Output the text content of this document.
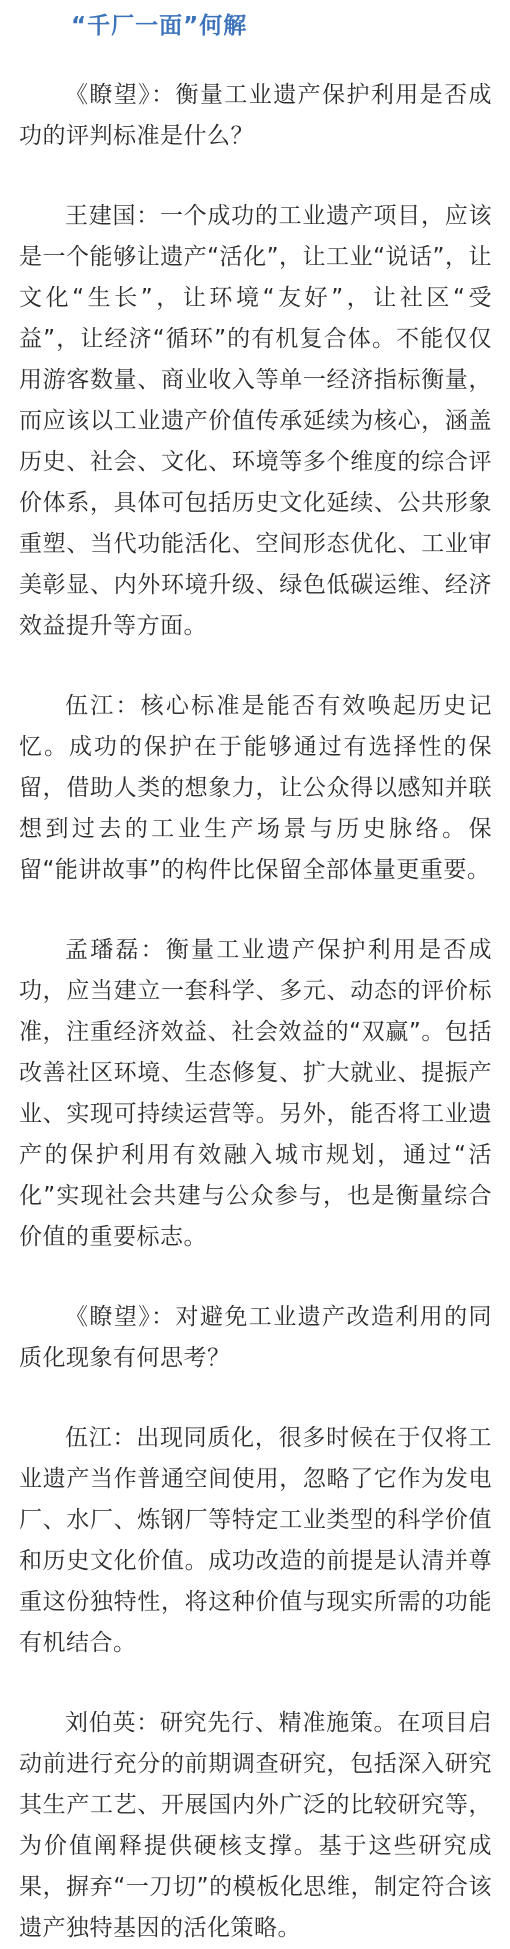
“千厂一面”何解

《瞭望》：衡量工业遗产保护利用是否成功的评判标准是什么？

王建国：一个成功的工业遗产项目，应该是一个能够让遗产“活化”，让工业“说话”，让文化“生长”，让环境“友好”，让社区“受益”，让经济“循环”的有机复合体。不能仅仅用游客数量、商业收入等单一经济指标衡量，而应该以工业遗产价值传承延续为核心，涵盖历史、社会、文化、环境等多个维度的综合评价体系，具体可包括历史文化延续、公共形象重塑、当代功能活化、空间形态优化、工业审美彰显、内外环境升级、绿色低碳运维、经济效益提升等方面。

伍江：核心标准是能否有效唤起历史记忆。成功的保护在于能够通过有选择性的保留，借助人类的想象力，让公众得以感知并联想到过去的工业生产场景与历史脉络。保留“能讲故事”的构件比保留全部体量更重要。

孟璠磊：衡量工业遗产保护利用是否成功，应当建立一套科学、多元、动态的评价标准，注重经济效益、社会效益的“双赢”。包括改善社区环境、生态修复、扩大就业、提振产业、实现可持续运营等。另外，能否将工业遗产的保护利用有效融入城市规划，通过“活化”实现社会共建与公众参与，也是衡量综合价值的重要标志。

《瞭望》：对避免工业遗产改造利用的同质化现象有何思考？

伍江：出现同质化，很多时候在于仅将工业遗产当作普通空间使用，忽略了它作为发电厂、水厂、炼钢厂等特定工业类型的科学价值和历史文化价值。成功改造的前提是认清并尊重这份独特性，将这种价值与现实所需的功能有机结合。

刘伯英：研究先行、精准施策。在项目启动前进行充分的前期调查研究，包括深入研究其生产工艺、开展国内外广泛的比较研究等，为价值阐释提供硬核支撑。基于这些研究成果，摒弃“一刀切”的模板化思维，制定符合该遗产独特基因的活化策略。
